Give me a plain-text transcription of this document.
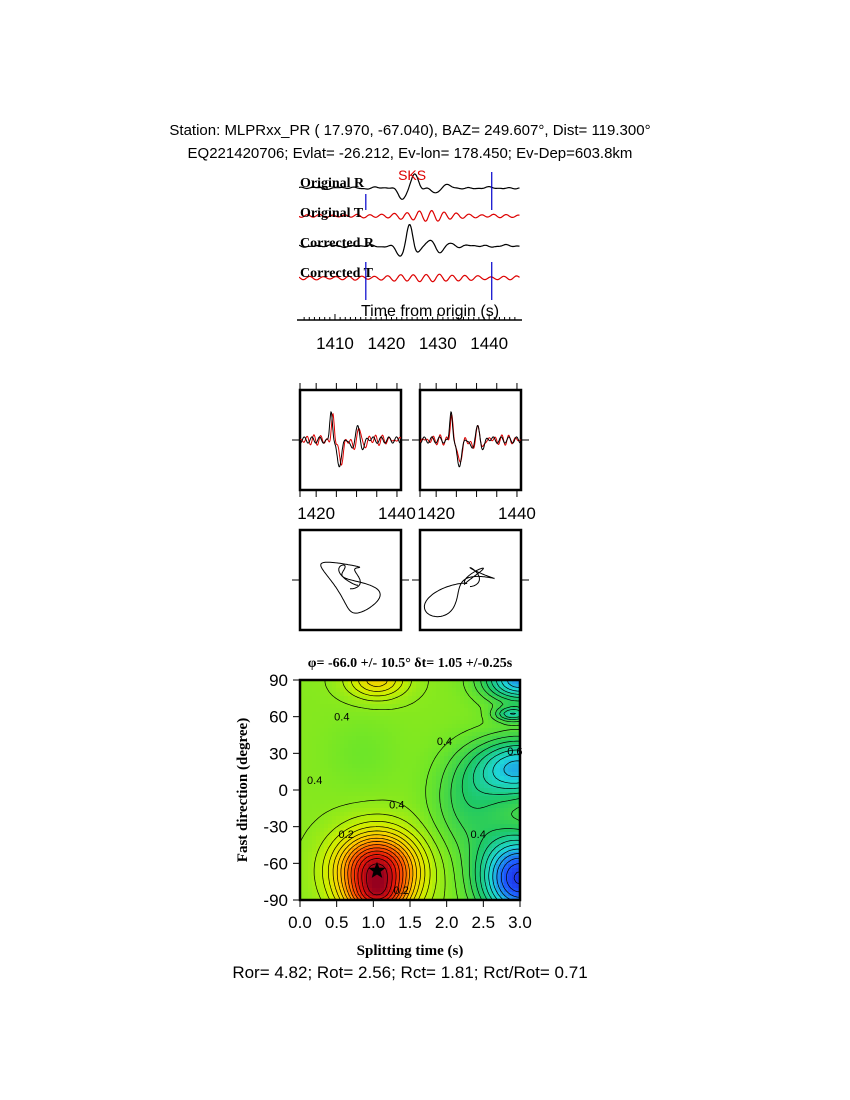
Station: MLPRxx_PR ( 17.970, -67.040), BAZ= 249.607°, Dist= 119.300°
EQ221420706; Evlat= -26.212, Ev-lon= 178.450; Ev-Dep=603.8km
Original R
Original T
Corrected R
Corrected T
SKS
Time from origin (s)
1410 1420 1430 1440
1420	1440 1420	1440
φ= -66.0 +/- 10.5° δt= 1.05 +/-0.25s
0.4
0.4
0.4
0.6
0.4
0.4
0.2
0.2
0.0 0.5 1.0 1.5 2.0 2.5 3.0
90
60
30
0
-30
-60
-90
Splitting time (s)
Fast direction (degree)
Ror= 4.82; Rot= 2.56; Rct= 1.81; Rct/Rot= 0.71
